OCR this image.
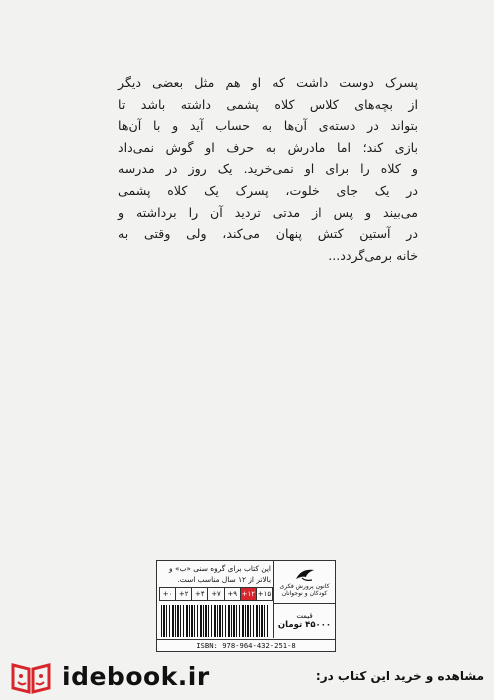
پسرک دوست داشت که او هم مثل بعضی دیگر
از بچه‌های کلاس کلاه پشمی داشته باشد تا
بتواند در دسته‌ی آن‌ها به حساب آید و با آن‌ها
بازی کند؛ اما مادرش به حرف او گوش نمی‌داد
و کلاه را برای او نمی‌خرید. یک روز در مدرسه
در یک جای خلوت، پسرک یک کلاه پشمی
می‌بیند و پس از مدتی تردید آن را برداشته و
در آستین کتش پنهان می‌کند، ولی وقتی به
خانه برمی‌گردد...
کانون پرورش فکری کودکان و نوجوانان
این کتاب برای گروه سنی «ب» و بالاتر از ۱۲ سال مناسب است.
+۱۵
+۱۲
+۹
+۷
+۴
+۲
+۰
قیمت
۴۵۰۰۰ تومان
ISBN: 978-964-432-251-8
idebook.ir	مشاهده و خرید این کتاب در:
